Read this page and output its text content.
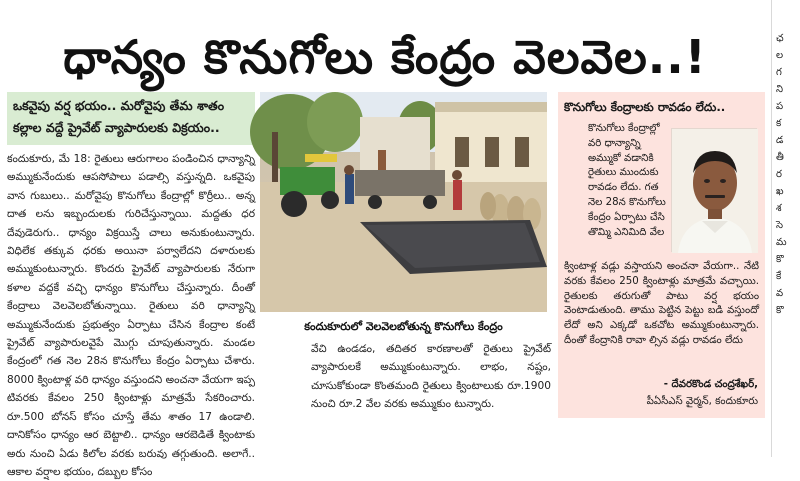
ధాన్యం కొనుగోలు కేంద్రం వెలవెల..!
ఒకవైపు వర్ష భయం.. మరోవైపు తేమ శాతం
కల్లాల వద్దే ప్రైవేట్ వ్యాపారులకు విక్రయం..
కందుకూరు, మే 18: రైతులు ఆరుగాలం పండించిన ధాన్యాన్ని అమ్ముకునేందుకు ఆపసోపాలు పడాల్సి వస్తున్నది. ఒకవైపు వాన గుబులు.. మరోవైపు కొనుగోలు కేంద్రాల్లో కొర్రీలు.. అన్న దాత లను ఇబ్బందులకు గురిచేస్తున్నాయి. మద్దతు ధర దేవుడెరుగు.. ధాన్యం విక్రయిస్తే చాలు అనుకుంటున్నారు. విధిలేక తక్కువ ధరకు అయినా పర్వాలేదని దళారులకు అమ్ముకుంటున్నారు. కొందరు ప్రైవేట్ వ్యాపారులకు నేరుగా కళాల వద్దకే వచ్చి ధాన్యం కొనుగోలు చేస్తున్నారు. దీంతో కేంద్రాలు వెలవెలబోతున్నాయి. రైతులు వరి ధాన్యాన్ని అమ్ముకునేందుకు ప్రభుత్వం ఏర్పాటు చేసిన కేంద్రాల కంటే ప్రైవేట్ వ్యాపారులవైపే మొగ్గు చూపుతున్నారు. మండల కేంద్రంలో గత నెల 28న కొనుగోలు కేంద్రం ఏర్పాటు చేశారు. 8000 క్వింటాళ్ల వరి ధాన్యం వస్తుందని అంచనా వేయగా ఇప్ప టివరకు కేవలం 250 క్వింటాళ్లు మాత్రమే సేకరించారు. రూ.500 బోనస్ కోసం చూస్తే తేమ శాతం 17 ఉండాలి. దానికోసం ధాన్యం ఆర బెట్టాలి.. ధాన్యం ఆరబెడితే క్వింటాకు అరు నుంచి ఏడు కిలోల వరకు బరువు తగ్గుతుంది. అలాగే.. ఆకాల వర్షాల భయం, దబ్బుల కోసం
కందుకూరులో వెలవెలబోతున్న కొనుగోలు కేంద్రం
వేచి ఉండడం, తదితర కారణాలతో రైతులు ప్రైవేట్ వ్యాపారులకే అమ్ముకుంటున్నారు. లాభం, నష్టం, చూసుకోకుండా కొంతమంది రైతులు క్వింటాలుకు రూ.1900 నుంచి రూ.2 వేల వరకు అమ్ముకుం టున్నారు.
కొనుగోలు కేంద్రాలకు రావడం లేదు..
కొనుగోలు కేంద్రాల్లో వరి ధాన్యాన్ని అమ్ముకో వడానికి రైతులు ముందుకు రావడం లేదు. గత నెల 28న కొనుగోలు కేంద్రం ఏర్పాటు చేసి తొమ్మి ఎనిమిది వేల
క్వింటాళ్ల వడ్లు వస్తాయని అంచనా వేయగా.. నేటి వరకు కేవలం 250 క్వింటాళ్లు మాత్రమే వచ్చాయి. రైతులకు తరుగుతో పాటు వర్ష భయం వెంటాడుతుంది. తాము పెట్టిన పెట్టు బడి వస్తుందో లేదో అని ఎక్కడో ఒకచోట అమ్ముకుంటున్నారు. దీంతో కేంద్రానికి రావా ల్సిన వడ్లు రావడం లేదు
- దేవరకొండ చంద్రశేఖర్,
పీఏసీఎస్ వైర్మన్, కందుకూరు
ఛ
ల
గ
ని
ప
క
డ
తీ
ర
ఖ
శ
సె
మ
కొ
కే
వ
కొ
